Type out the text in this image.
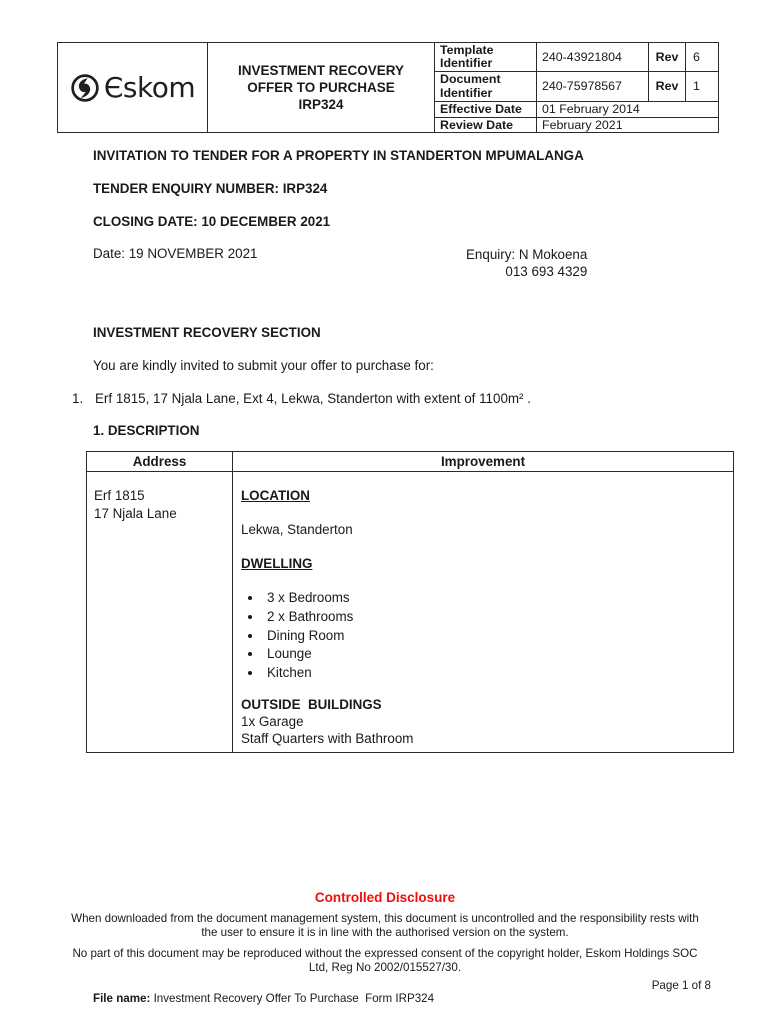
Єskom
INVESTMENT RECOVERY
OFFER TO PURCHASE
IRP324
Template Identifier	240-43921804	Rev	6
Document Identifier	240-75978567	Rev	1
Effective Date	01 February 2014
Review Date	February 2021
INVITATION TO TENDER FOR A PROPERTY IN STANDERTON MPUMALANGA
TENDER ENQUIRY NUMBER: IRP324
CLOSING DATE: 10 DECEMBER 2021
Date: 19 NOVEMBER 2021	Enquiry: N Mokoena
013 693 4329
INVESTMENT RECOVERY SECTION
You are kindly invited to submit your offer to purchase for:
1. Erf 1815, 17 Njala Lane, Ext 4, Lekwa, Standerton with extent of 1100m² .
1. DESCRIPTION
Address	Improvement
Erf 1815
17 Njala Lane
LOCATION
Lekwa, Standerton
DWELLING
• 3 x Bedrooms
• 2 x Bathrooms
• Dining Room
• Lounge
• Kitchen
OUTSIDE  BUILDINGS
1x Garage
Staff Quarters with Bathroom
Controlled Disclosure
When downloaded from the document management system, this document is uncontrolled and the responsibility rests with the user to ensure it is in line with the authorised version on the system.
No part of this document may be reproduced without the expressed consent of the copyright holder, Eskom Holdings SOC Ltd, Reg No 2002/015527/30.
Page 1 of 8
File name: Investment Recovery Offer To Purchase  Form IRP324
